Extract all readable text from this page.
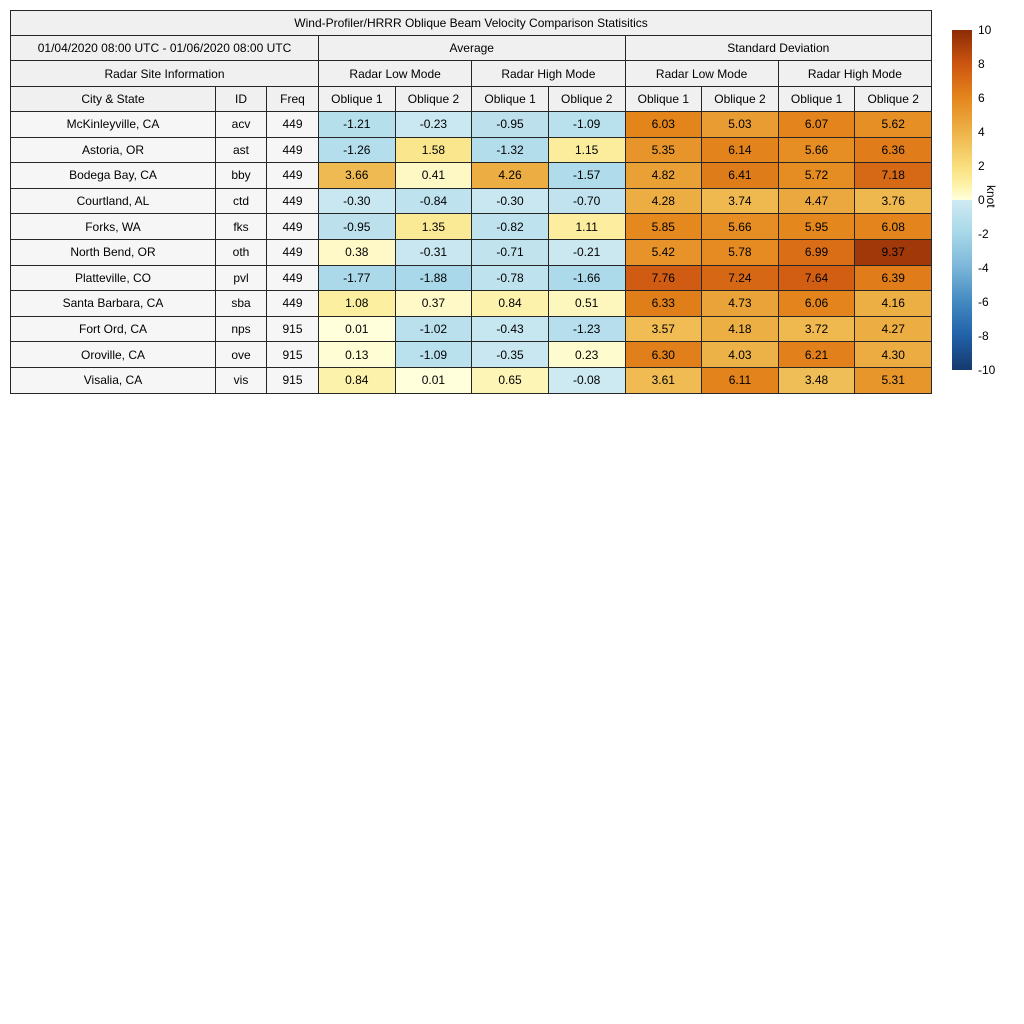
Wind-Profiler/HRRR Oblique Beam Velocity Comparison Statisitics										
01/04/2020 08:00 UTC - 01/06/2020 08:00 UTC			Average				Standard Deviation			
Radar Site Information			Radar Low Mode		Radar High Mode		Radar Low Mode		Radar High Mode	
City & State	ID	Freq	Oblique 1	Oblique 2	Oblique 1	Oblique 2	Oblique 1	Oblique 2	Oblique 1	Oblique 2
McKinleyville, CA	acv	449	-1.21	-0.23	-0.95	-1.09	6.03	5.03	6.07	5.62
Astoria, OR	ast	449	-1.26	1.58	-1.32	1.15	5.35	6.14	5.66	6.36
Bodega Bay, CA	bby	449	3.66	0.41	4.26	-1.57	4.82	6.41	5.72	7.18
Courtland, AL	ctd	449	-0.30	-0.84	-0.30	-0.70	4.28	3.74	4.47	3.76
Forks, WA	fks	449	-0.95	1.35	-0.82	1.11	5.85	5.66	5.95	6.08
North Bend, OR	oth	449	0.38	-0.31	-0.71	-0.21	5.42	5.78	6.99	9.37
Platteville, CO	pvl	449	-1.77	-1.88	-0.78	-1.66	7.76	7.24	7.64	6.39
Santa Barbara, CA	sba	449	1.08	0.37	0.84	0.51	6.33	4.73	6.06	4.16
Fort Ord, CA	nps	915	0.01	-1.02	-0.43	-1.23	3.57	4.18	3.72	4.27
Oroville, CA	ove	915	0.13	-1.09	-0.35	0.23	6.30	4.03	6.21	4.30
Visalia, CA	vis	915	0.84	0.01	0.65	-0.08	3.61	6.11	3.48	5.31
10
8
6
4
2
0
-2
-4
-6
-8
-10
knot
